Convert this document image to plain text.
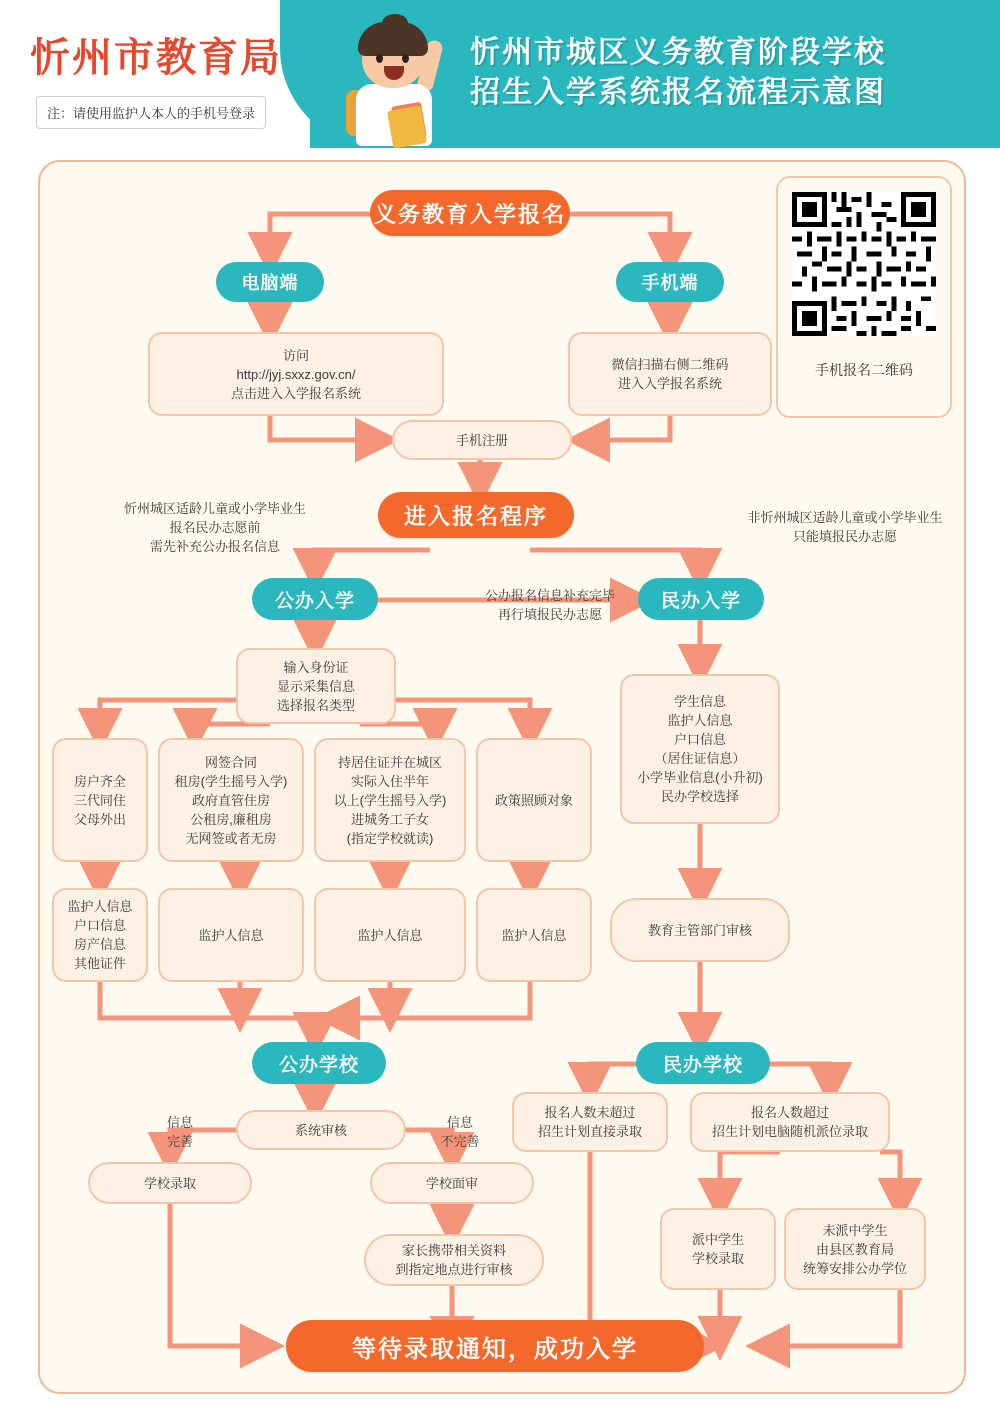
忻州市教育局
注：请使用监护人本人的手机号登录
忻州市城区义务教育阶段学校
招生入学系统报名流程示意图
手机报名二维码
义务教育入学报名
电脑端	手机端
访问
http://jyj.sxxz.gov.cn/
点击进入入学报名系统
微信扫描右侧二维码
进入入学报名系统
手机注册
进入报名程序
忻州城区适龄儿童或小学毕业生
报名民办志愿前
需先补充公办报名信息
非忻州城区适龄儿童或小学毕业生
只能填报民办志愿
公办入学	民办入学
公办报名信息补充完毕
再行填报民办志愿
输入身份证
显示采集信息
选择报名类型	学生信息
监护人信息
户口信息
（居住证信息）
小学毕业信息(小升初)
民办学校选择
房户齐全
三代同住
父母外出
网签合同
租房(学生摇号入学)
政府直管住房
公租房,廉租房
无网签或者无房
持居住证并在城区
实际入住半年
以上(学生摇号入学)
进城务工子女
(指定学校就读)
政策照顾对象
监护人信息
户口信息
房产信息
其他证件
监护人信息	监护人信息	监护人信息	教育主管部门审核
公办学校	民办学校
系统审核
信息
完善
信息
不完善
学校录取	学校面审
家长携带相关资料
到指定地点进行审核
报名人数未超过
招生计划直接录取
报名人数超过
招生计划电脑随机派位录取
派中学生
学校录取
未派中学生
由县区教育局
统筹安排公办学位
等待录取通知，成功入学
